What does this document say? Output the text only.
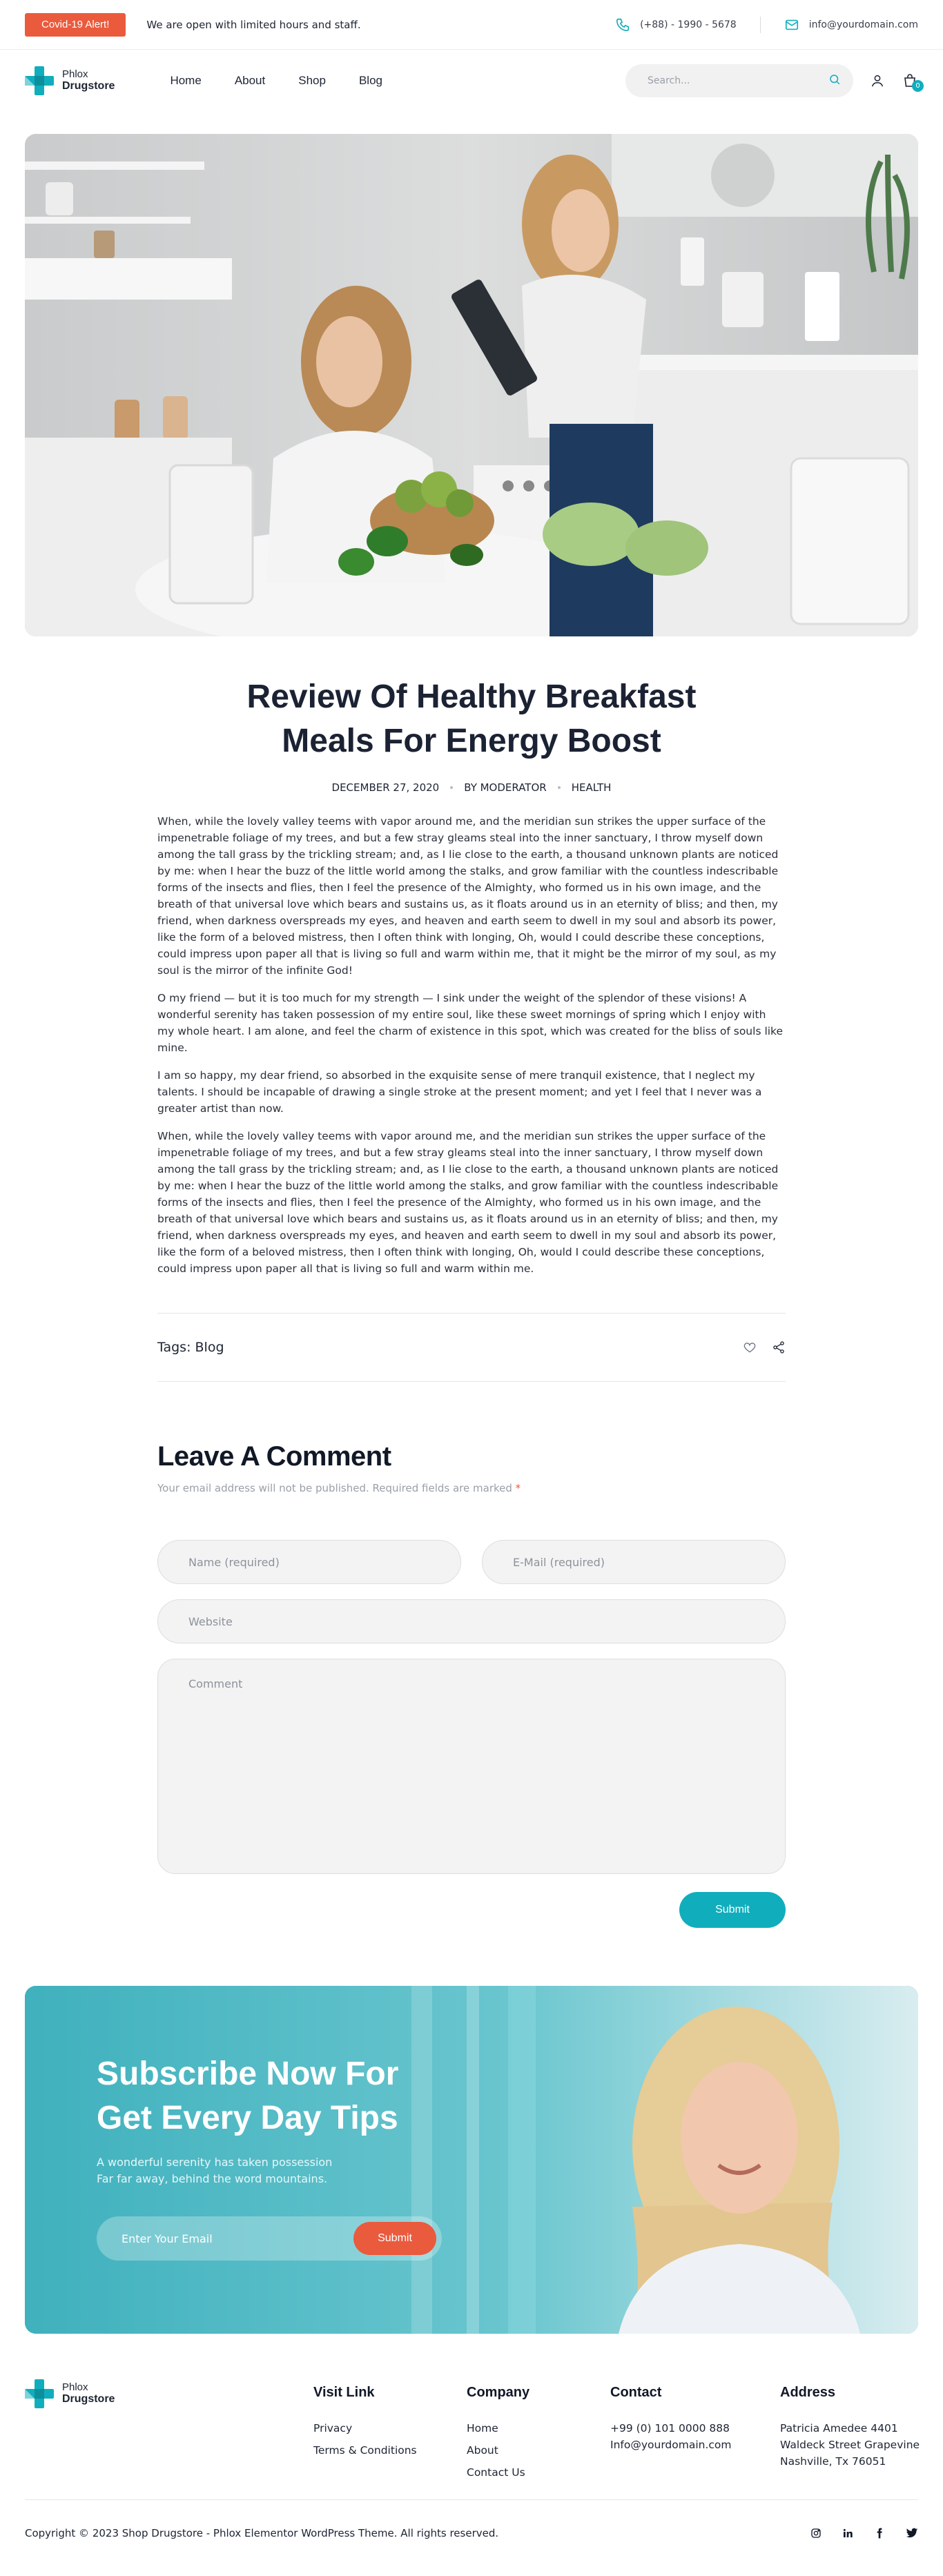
Covid-19 Alert!	We are open with limited hours and staff.	(+88) - 1990 - 5678	info@yourdomain.com
Phlox
Drugstore	Home	About	Shop	Blog	Search...	0
Review Of Healthy Breakfast
Meals For Energy Boost
DECEMBER 27, 2020 BY MODERATOR HEALTH

When, while the lovely valley teems with vapor around me, and the meridian sun strikes the upper surface of the impenetrable foliage of my trees, and but a few stray gleams steal into the inner sanctuary, I throw myself down among the tall grass by the trickling stream; and, as I lie close to the earth, a thousand unknown plants are noticed by me: when I hear the buzz of the little world among the stalks, and grow familiar with the countless indescribable forms of the insects and flies, then I feel the presence of the Almighty, who formed us in his own image, and the breath of that universal love which bears and sustains us, as it floats around us in an eternity of bliss; and then, my friend, when darkness overspreads my eyes, and heaven and earth seem to dwell in my soul and absorb its power, like the form of a beloved mistress, then I often think with longing, Oh, would I could describe these conceptions, could impress upon paper all that is living so full and warm within me, that it might be the mirror of my soul, as my soul is the mirror of the infinite God!

O my friend — but it is too much for my strength — I sink under the weight of the splendor of these visions! A wonderful serenity has taken possession of my entire soul, like these sweet mornings of spring which I enjoy with my whole heart. I am alone, and feel the charm of existence in this spot, which was created for the bliss of souls like mine.

I am so happy, my dear friend, so absorbed in the exquisite sense of mere tranquil existence, that I neglect my talents. I should be incapable of drawing a single stroke at the present moment; and yet I feel that I never was a greater artist than now.

When, while the lovely valley teems with vapor around me, and the meridian sun strikes the upper surface of the impenetrable foliage of my trees, and but a few stray gleams steal into the inner sanctuary, I throw myself down among the tall grass by the trickling stream; and, as I lie close to the earth, a thousand unknown plants are noticed by me: when I hear the buzz of the little world among the stalks, and grow familiar with the countless indescribable forms of the insects and flies, then I feel the presence of the Almighty, who formed us in his own image, and the breath of that universal love which bears and sustains us, as it floats around us in an eternity of bliss; and then, my friend, when darkness overspreads my eyes, and heaven and earth seem to dwell in my soul and absorb its power, like the form of a beloved mistress, then I often think with longing, Oh, would I could describe these conceptions, could impress upon paper all that is living so full and warm within me.

Tags: Blog
Leave A Comment
Your email address will not be published. Required fields are marked *
Name (required)	E-Mail (required)
Website
Comment
Submit
Subscribe Now For
Get Every Day Tips
A wonderful serenity has taken possession Far far away, behind the word mountains.
Enter Your Email	Submit
Phlox
Drugstore	Visit Link
Privacy
Terms & Conditions
Company
Home
About
Contact Us
Contact
+99 (0) 101 0000 888
Info@yourdomain.com
Address
Patricia Amedee 4401
Waldeck Street Grapevine
Nashville, Tx 76051
Copyright © 2023 Shop Drugstore - Phlox Elementor WordPress Theme. All rights reserved.
